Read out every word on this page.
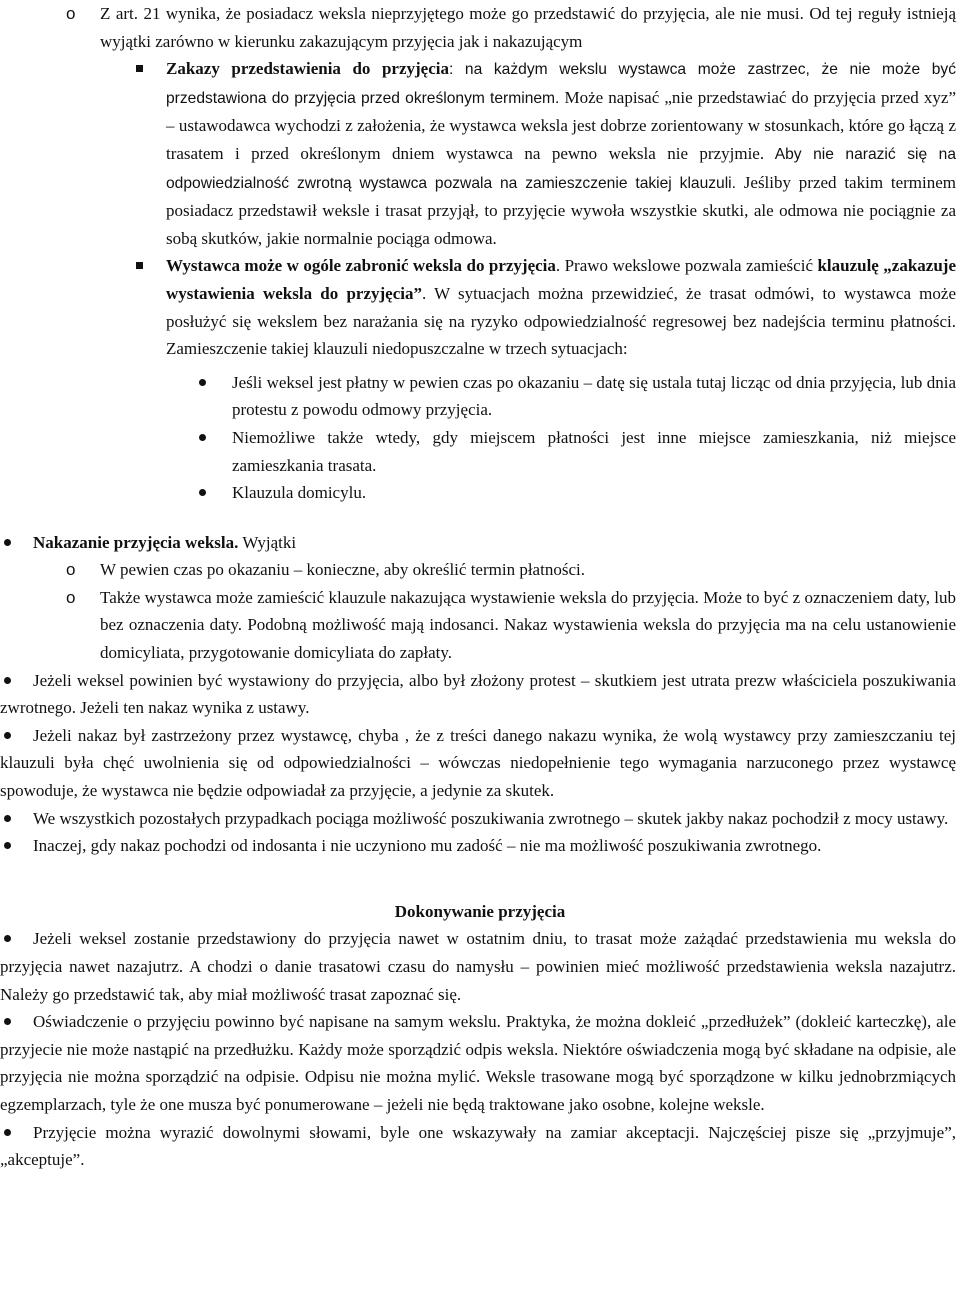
o Z art. 21 wynika, że posiadacz weksla nieprzyjętego może go przedstawić do przyjęcia, ale nie musi. Od tej reguły istnieją wyjątki zarówno w kierunku zakazującym przyjęcia jak i nakazującym
Zakazy przedstawienia do przyjęcia: na każdym wekslu wystawca może zastrzec, że nie może być przedstawiona do przyjęcia przed określonym terminem. Może napisać „nie przedstawiać do przyjęcia przed xyz” – ustawodawca wychodzi z założenia, że wystawca weksla jest dobrze zorientowany w stosunkach, które go łączą z trasatem i przed określonym dniem wystawca na pewno weksla nie przyjmie. Aby nie narazić się na odpowiedzialność zwrotną wystawca pozwala na zamieszczenie takiej klauzuli. Jeśliby przed takim terminem posiadacz przedstawił weksle i trasat przyjął, to przyjęcie wywoła wszystkie skutki, ale odmowa nie pociągnie za sobą skutków, jakie normalnie pociąga odmowa.
Wystawca może w ogóle zabronić weksla do przyjęcia. Prawo wekslowe pozwala zamieścić klauzulę „zakazuje wystawienia weksla do przyjęcia”. W sytuacjach można przewidzieć, że trasat odmówi, to wystawca może posłużyć się wekslem bez narażania się na ryzyko odpowiedzialność regresowej bez nadejścia terminu płatności. Zamieszczenie takiej klauzuli niedopuszczalne w trzech sytuacjach:
Jeśli weksel jest płatny w pewien czas po okazaniu – datę się ustala tutaj licząc od dnia przyjęcia, lub dnia protestu z powodu odmowy przyjęcia.
Niemożliwe także wtedy, gdy miejscem płatności jest inne miejsce zamieszkania, niż miejsce zamieszkania trasata.
Klauzula domicylu.
Nakazanie przyjęcia weksla. Wyjątki
o W pewien czas po okazaniu – konieczne, aby określić termin płatności.
o Także wystawca może zamieścić klauzule nakazująca wystawienie weksla do przyjęcia. Może to być z oznaczeniem daty, lub bez oznaczenia daty. Podobną możliwość mają indosanci. Nakaz wystawienia weksla do przyjęcia ma na celu ustanowienie domicyliata, przygotowanie domicyliata do zapłaty.
Jeżeli weksel powinien być wystawiony do przyjęcia, albo był złożony protest – skutkiem jest utrata prezw właściciela poszukiwania zwrotnego. Jeżeli ten nakaz wynika z ustawy.
Jeżeli nakaz był zastrzeżony przez wystawcę, chyba , że z treści danego nakazu wynika, że wolą wystawcy przy zamieszczaniu tej klauzuli była chęć uwolnienia się od odpowiedzialności – wówczas niedopełnienie tego wymagania narzuconego przez wystawcę spowoduje, że wystawca nie będzie odpowiadał za przyjęcie, a jedynie za skutek.
We wszystkich pozostałych przypadkach pociąga możliwość poszukiwania zwrotnego – skutek jakby nakaz pochodził z mocy ustawy.
Inaczej, gdy nakaz pochodzi od indosanta i nie uczyniono mu zadość – nie ma możliwość poszukiwania zwrotnego.

Dokonywanie przyjęcia

Jeżeli weksel zostanie przedstawiony do przyjęcia nawet w ostatnim dniu, to trasat może zażądać przedstawienia mu weksla do przyjęcia nawet nazajutrz. A chodzi o danie trasatowi czasu do namysłu – powinien mieć możliwość przedstawienia weksla nazajutrz. Należy go przedstawić tak, aby miał możliwość trasat zapoznać się.
Oświadczenie o przyjęciu powinno być napisane na samym wekslu. Praktyka, że można dokleić „przedłużek” (dokleić karteczkę), ale przyjecie nie może nastąpić na przedłużku. Każdy może sporządzić odpis weksla. Niektóre oświadczenia mogą być składane na odpisie, ale przyjęcia nie można sporządzić na odpisie. Odpisu nie można mylić. Weksle trasowane mogą być sporządzone w kilku jednobrzmiących egzemplarzach, tyle że one musza być ponumerowane – jeżeli nie będą traktowane jako osobne, kolejne weksle.
Przyjęcie można wyrazić dowolnymi słowami, byle one wskazywały na zamiar akceptacji. Najczęściej pisze się „przyjmuje”, „akceptuje”.
